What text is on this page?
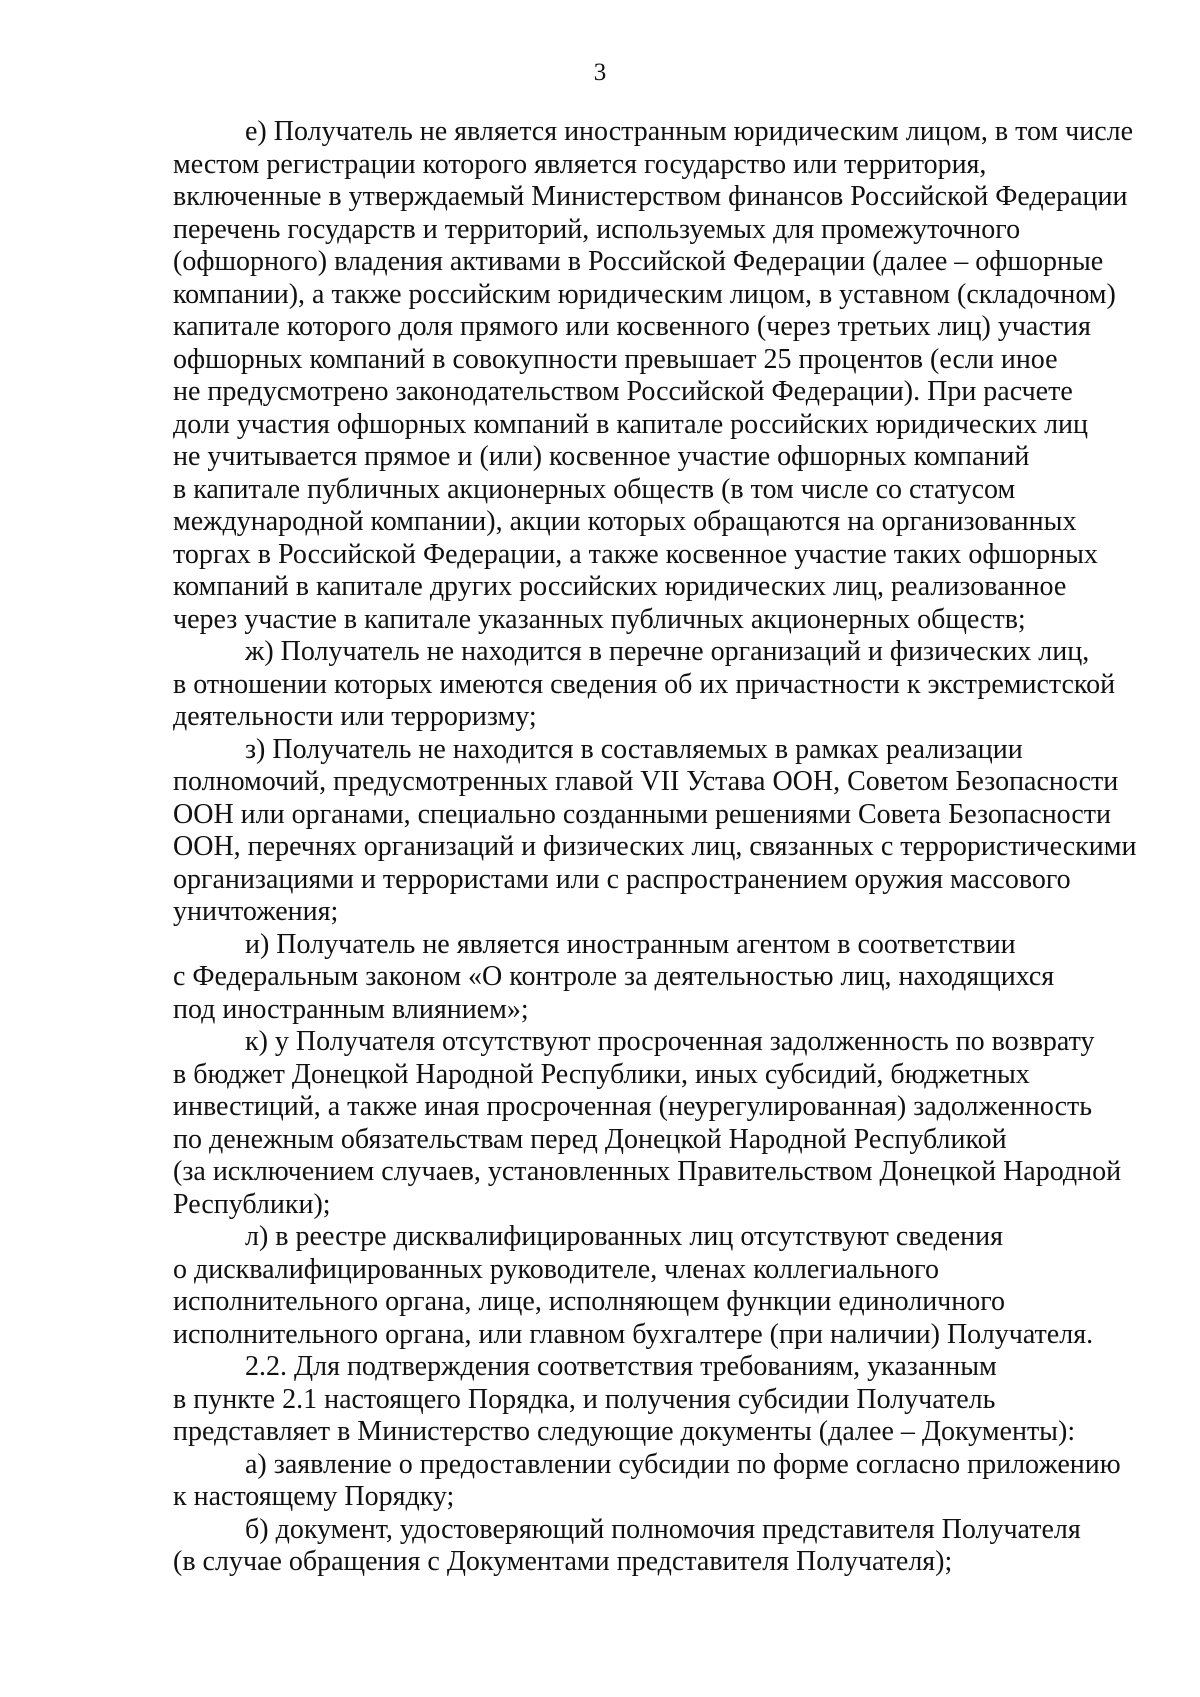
3

е) Получатель не является иностранным юридическим лицом, в том числе
местом регистрации которого является государство или территория,
включенные в утверждаемый Министерством финансов Российской Федерации
перечень государств и территорий, используемых для промежуточного
(офшорного) владения активами в Российской Федерации (далее – офшорные
компании), а также российским юридическим лицом, в уставном (складочном)
капитале которого доля прямого или косвенного (через третьих лиц) участия
офшорных компаний в совокупности превышает 25 процентов (если иное
не предусмотрено законодательством Российской Федерации). При расчете
доли участия офшорных компаний в капитале российских юридических лиц
не учитывается прямое и (или) косвенное участие офшорных компаний
в капитале публичных акционерных обществ (в том числе со статусом
международной компании), акции которых обращаются на организованных
торгах в Российской Федерации, а также косвенное участие таких офшорных
компаний в капитале других российских юридических лиц, реализованное
через участие в капитале указанных публичных акционерных обществ;

ж) Получатель не находится в перечне организаций и физических лиц,
в отношении которых имеются сведения об их причастности к экстремистской
деятельности или терроризму;

з) Получатель не находится в составляемых в рамках реализации
полномочий, предусмотренных главой VII Устава ООН, Советом Безопасности
ООН или органами, специально созданными решениями Совета Безопасности
ООН, перечнях организаций и физических лиц, связанных с террористическими
организациями и террористами или с распространением оружия массового
уничтожения;

и) Получатель не является иностранным агентом в соответствии
с Федеральным законом «О контроле за деятельностью лиц, находящихся
под иностранным влиянием»;

к) у Получателя отсутствуют просроченная задолженность по возврату
в бюджет Донецкой Народной Республики, иных субсидий, бюджетных
инвестиций, а также иная просроченная (неурегулированная) задолженность
по денежным обязательствам перед Донецкой Народной Республикой
(за исключением случаев, установленных Правительством Донецкой Народной
Республики);

л) в реестре дисквалифицированных лиц отсутствуют сведения
о дисквалифицированных руководителе, членах коллегиального
исполнительного органа, лице, исполняющем функции единоличного
исполнительного органа, или главном бухгалтере (при наличии) Получателя.

2.2. Для подтверждения соответствия требованиям, указанным
в пункте 2.1 настоящего Порядка, и получения субсидии Получатель
представляет в Министерство следующие документы (далее – Документы):

а) заявление о предоставлении субсидии по форме согласно приложению
к настоящему Порядку;

б) документ, удостоверяющий полномочия представителя Получателя
(в случае обращения с Документами представителя Получателя);
